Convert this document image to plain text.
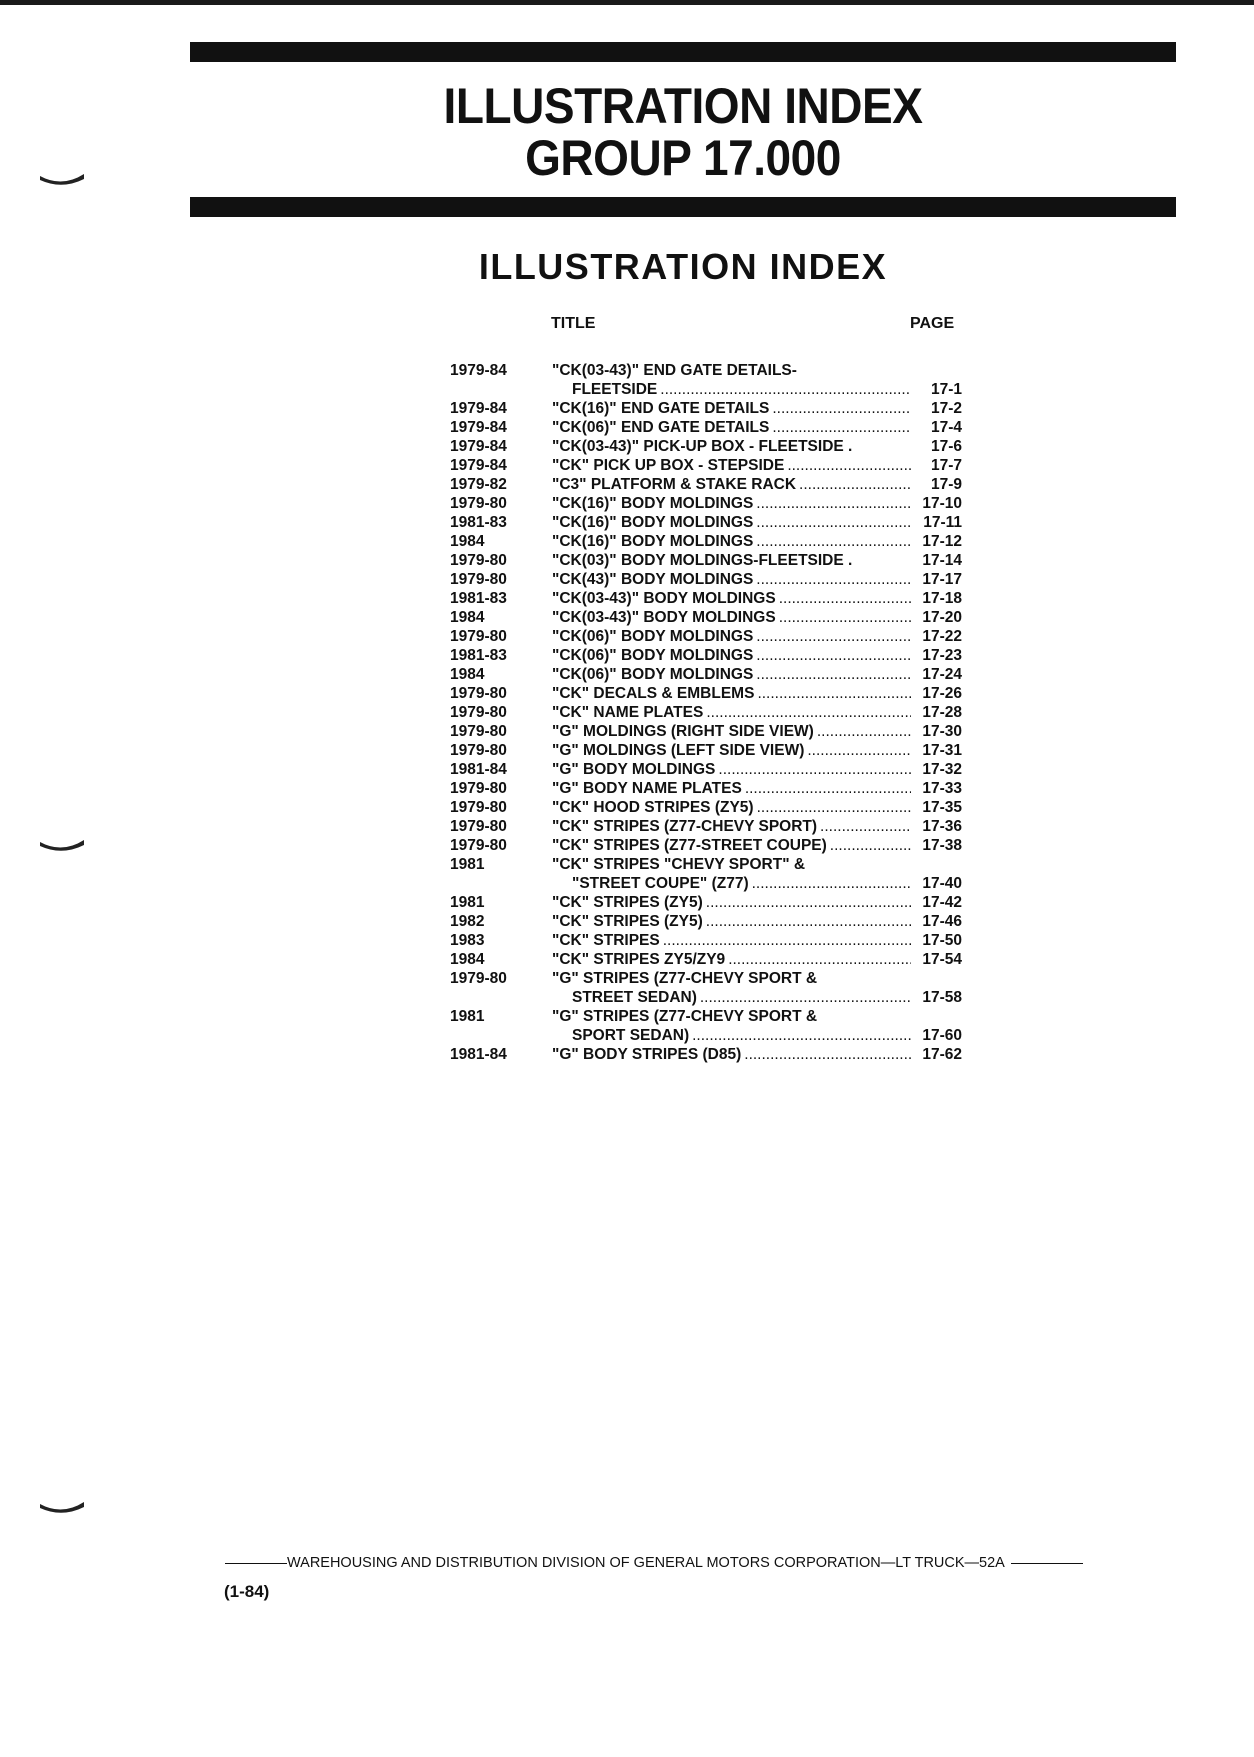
ILLUSTRATION INDEX
GROUP 17.000
ILLUSTRATION INDEX
TITLE	PAGE
1979-84	"CK(03-43)" END GATE DETAILS-
FLEETSIDE .....	17-1
1979-84	"CK(16)" END GATE DETAILS .....	17-2
1979-84	"CK(06)" END GATE DETAILS .....	17-4
1979-84	"CK(03-43)" PICK-UP BOX - FLEETSIDE .	17-6
1979-84	"CK" PICK UP BOX - STEPSIDE .....	17-7
1979-82	"C3" PLATFORM & STAKE RACK .....	17-9
1979-80	"CK(16)" BODY MOLDINGS .....	17-10
1981-83	"CK(16)" BODY MOLDINGS .....	17-11
1984	"CK(16)" BODY MOLDINGS .....	17-12
1979-80	"CK(03)" BODY MOLDINGS-FLEETSIDE .	17-14
1979-80	"CK(43)" BODY MOLDINGS .....	17-17
1981-83	"CK(03-43)" BODY MOLDINGS .....	17-18
1984	"CK(03-43)" BODY MOLDINGS .....	17-20
1979-80	"CK(06)" BODY MOLDINGS .....	17-22
1981-83	"CK(06)" BODY MOLDINGS .....	17-23
1984	"CK(06)" BODY MOLDINGS .....	17-24
1979-80	"CK" DECALS & EMBLEMS .....	17-26
1979-80	"CK" NAME PLATES .....	17-28
1979-80	"G" MOLDINGS (RIGHT SIDE VIEW) .....	17-30
1979-80	"G" MOLDINGS (LEFT SIDE VIEW) .....	17-31
1981-84	"G" BODY MOLDINGS .....	17-32
1979-80	"G" BODY NAME PLATES .....	17-33
1979-80	"CK" HOOD STRIPES (ZY5) .....	17-35
1979-80	"CK" STRIPES (Z77-CHEVY SPORT) .....	17-36
1979-80	"CK" STRIPES (Z77-STREET COUPE) .....	17-38
1981	"CK" STRIPES "CHEVY SPORT" &
"STREET COUPE" (Z77) .....	17-40
1981	"CK" STRIPES (ZY5) .....	17-42
1982	"CK" STRIPES (ZY5) .....	17-46
1983	"CK" STRIPES .....	17-50
1984	"CK" STRIPES ZY5/ZY9 .....	17-54
1979-80	"G" STRIPES (Z77-CHEVY SPORT &
STREET SEDAN) .....	17-58
1981	"G" STRIPES (Z77-CHEVY SPORT &
SPORT SEDAN) .....	17-60
1981-84	"G" BODY STRIPES (D85) .....	17-62
WAREHOUSING AND DISTRIBUTION DIVISION OF GENERAL MOTORS CORPORATION—LT TRUCK—52A
(1-84)
